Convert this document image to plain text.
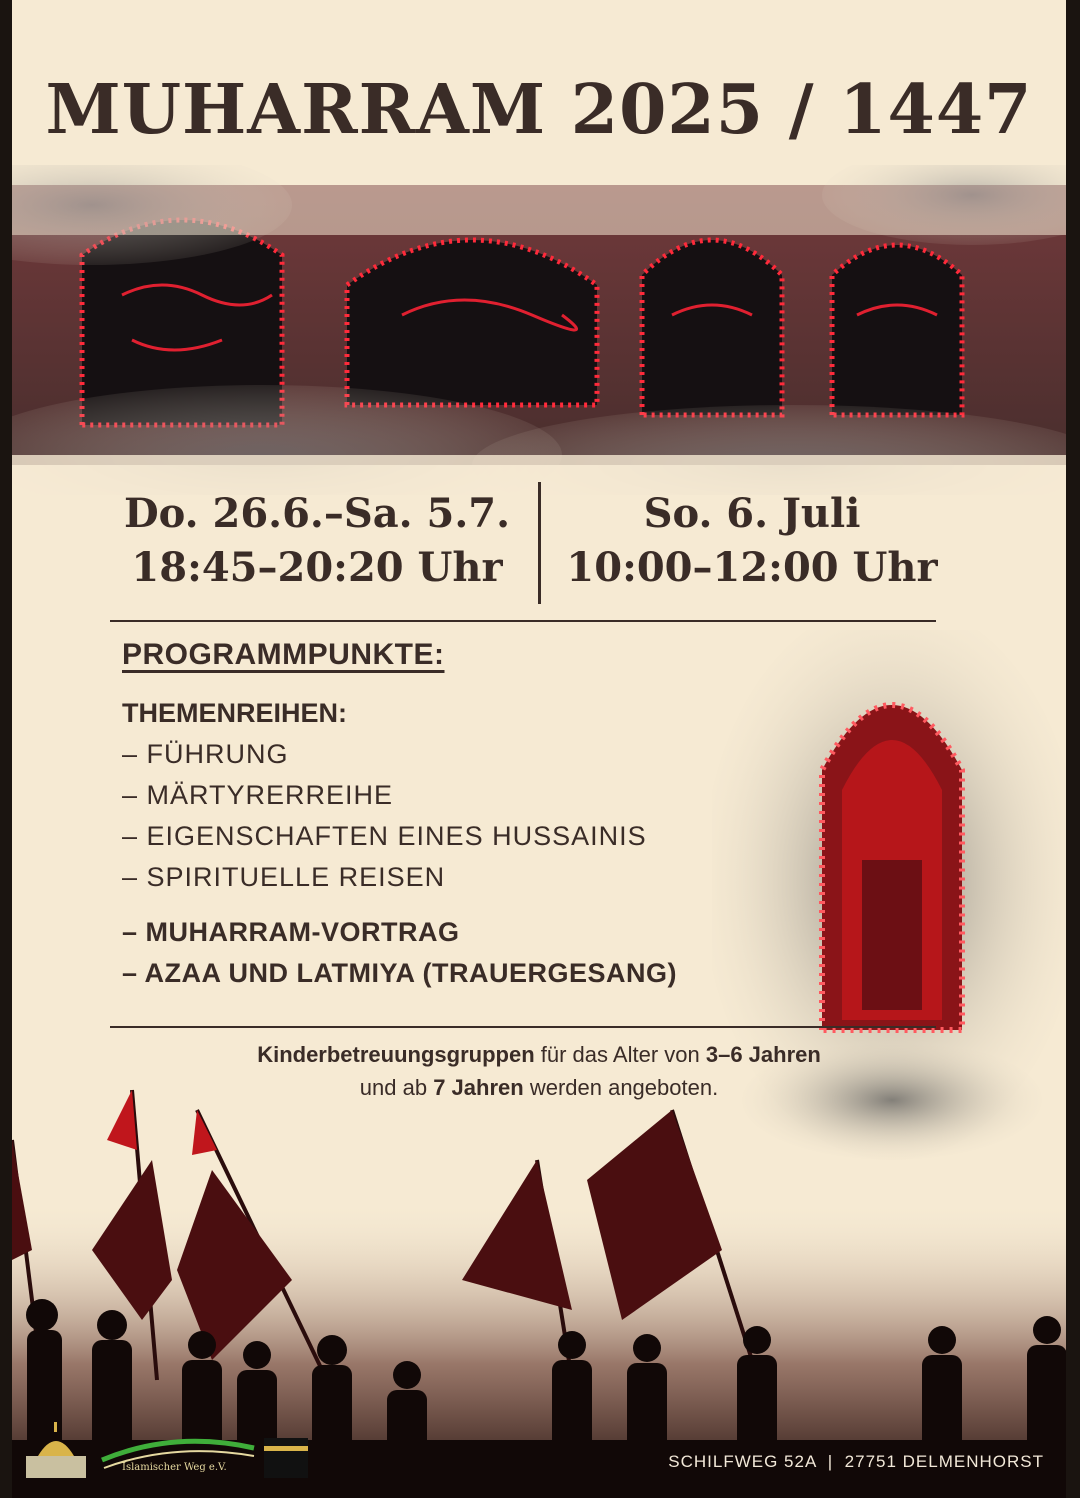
MUHARRAM 2025 / 1447
Do. 26.6.–Sa. 5.7.
18:45–20:20 Uhr
So. 6. Juli
10:00–12:00 Uhr
PROGRAMMPUNKTE:
THEMENREIHEN:
– FÜHRUNG
– MÄRTYRERREIHE
– EIGENSCHAFTEN EINES HUSSAINIS
– SPIRITUELLE REISEN
– MUHARRAM-VORTRAG
– AZAA UND LATMIYA (TRAUERGESANG)
Kinderbetreuungsgruppen für das Alter von 3–6 Jahren
und ab 7 Jahren werden angeboten.
Islamischer Weg e.V.	SCHILFWEG 52A  |  27751 DELMENHORST
